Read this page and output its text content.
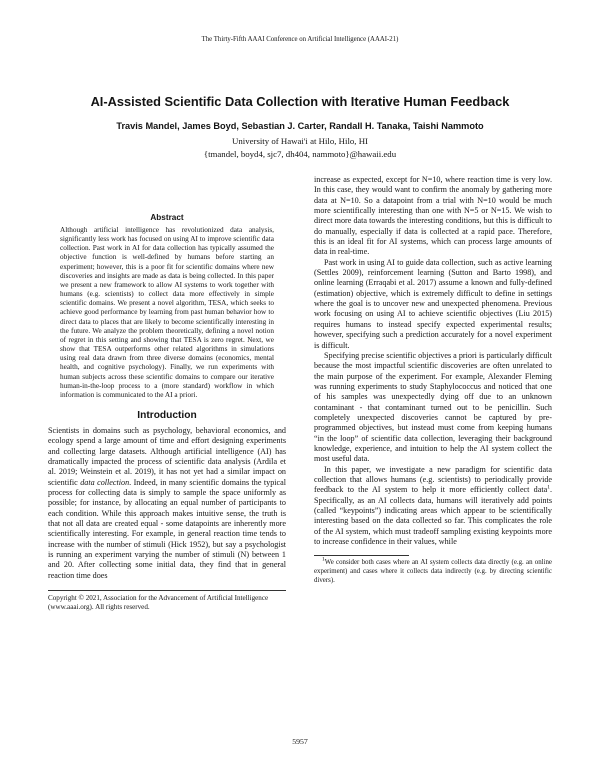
The Thirty-Fifth AAAI Conference on Artificial Intelligence (AAAI-21)
AI-Assisted Scientific Data Collection with Iterative Human Feedback
Travis Mandel, James Boyd, Sebastian J. Carter, Randall H. Tanaka, Taishi Nammoto
University of Hawai'i at Hilo, Hilo, HI
{tmandel, boyd4, sjc7, dh404, nammoto}@hawaii.edu
Abstract

Although artificial intelligence has revolutionized data analysis, significantly less work has focused on using AI to improve scientific data collection. Past work in AI for data collection has typically assumed the objective function is well-defined by humans before starting an experiment; however, this is a poor fit for scientific domains where new discoveries and insights are made as data is being collected. In this paper we present a new framework to allow AI systems to work together with humans (e.g. scientists) to collect data more effectively in simple scientific domains. We present a novel algorithm, TESA, which seeks to achieve good performance by learning from past human behavior how to direct data to places that are likely to become scientifically interesting in the future. We analyze the problem theoretically, defining a novel notion of regret in this setting and showing that TESA is zero regret. Next, we show that TESA outperforms other related algorithms in simulations using real data drawn from three diverse domains (economics, mental health, and cognitive psychology). Finally, we run experiments with human subjects across these scientific domains to compare our iterative human-in-the-loop process to a (more standard) workflow in which information is communicated to the AI a priori.

Introduction

Scientists in domains such as psychology, behavioral economics, and ecology spend a large amount of time and effort designing experiments and collecting large datasets. Although artificial intelligence (AI) has dramatically impacted the process of scientific data analysis (Ardila et al. 2019; Weinstein et al. 2019), it has not yet had a similar impact on scientific data collection. Indeed, in many scientific domains the typical process for collecting data is simply to sample the space uniformly as possible; for instance, by allocating an equal number of participants to each condition. While this approach makes intuitive sense, the truth is that not all data are created equal - some datapoints are inherently more scientifically interesting. For example, in general reaction time tends to increase with the number of stimuli (Hick 1952), but say a psychologist is running an experiment varying the number of stimuli (N) between 1 and 20. After collecting some initial data, they find that in general reaction time does

Copyright © 2021, Association for the Advancement of Artificial Intelligence (www.aaai.org). All rights reserved.

increase as expected, except for N=10, where reaction time is very low. In this case, they would want to confirm the anomaly by gathering more data at N=10. So a datapoint from a trial with N=10 would be much more scientifically interesting than one with N=5 or N=15. We wish to direct more data towards the interesting conditions, but this is difficult to do manually, especially if data is collected at a rapid pace. Therefore, this is an ideal fit for AI systems, which can process large amounts of data in real-time.

Past work in using AI to guide data collection, such as active learning (Settles 2009), reinforcement learning (Sutton and Barto 1998), and online learning (Erraqabi et al. 2017) assume a known and fully-defined (estimation) objective, which is extremely difficult to define in settings where the goal is to uncover new and unexpected phenomena. Previous work focusing on using AI to achieve scientific objectives (Liu 2015) requires humans to instead specify expected experimental results; however, specifying such a prediction accurately for a novel experiment is difficult.

Specifying precise scientific objectives a priori is particularly difficult because the most impactful scientific discoveries are often unrelated to the main purpose of the experiment. For example, Alexander Fleming was running experiments to study Staphylococcus and noticed that one of his samples was unexpectedly dying off due to an unknown contaminant - that contaminant turned out to be penicillin. Such completely unexpected discoveries cannot be captured by pre-programmed objectives, but instead must come from keeping humans “in the loop” of scientific data collection, leveraging their background knowledge, experience, and intuition to help the AI system collect the most useful data.

In this paper, we investigate a new paradigm for scientific data collection that allows humans (e.g. scientists) to periodically provide feedback to the AI system to help it more efficiently collect data$^1$. Specifically, as an AI collects data, humans will iteratively add points (called “keypoints”) indicating areas which appear to be scientifically interesting based on the data collected so far. This complicates the role of the AI system, which must tradeoff sampling existing keypoints more to increase confidence in their values, while

$^1$We consider both cases where an AI system collects data directly (e.g. an online experiment) and cases where it collects data indirectly (e.g. by directing scientific divers).

5957
